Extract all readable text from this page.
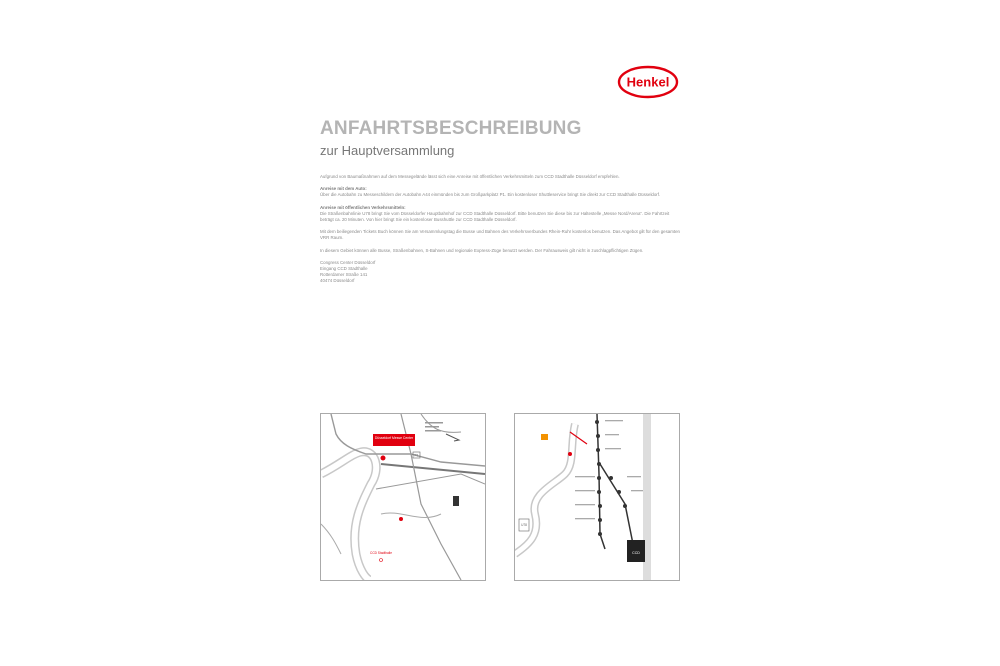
Henkel
ANFAHRTSBESCHREIBUNG
zur Hauptversammlung

Aufgrund von Baumaßnahmen auf dem Messegelände lässt sich eine Anreise mit öffentlichen Verkehrsmitteln zum CCD Stadthalle Düsseldorf empfehlen.

Anreise mit dem Auto:
Über die Autobahn zu Messeschildern der Autobahn A44 einmünden bis zum Großparkplatz P1. Ein kostenloser Shuttleservice bringt Sie direkt zur CCD Stadthalle Düsseldorf.

Anreise mit öffentlichen Verkehrsmitteln:
Die Straßenbahnlinie U78 bringt Sie vom Düsseldorfer Hauptbahnhof zur CCD Stadthalle Düsseldorf. Bitte benutzen Sie diese bis zur Haltestelle „Messe Nord/Arena“. Die Fahrtzeit beträgt ca. 20 Minuten. Von hier bringt Sie ein kostenloser Busshuttle zur CCD Stadthalle Düsseldorf.

Mit dem beiliegenden Tickets Buch können Sie am Versammlungstag die Busse und Bahnen des Verkehrsverbundes Rhein-Ruhr kostenlos benutzen. Das Angebot gilt für den gesamten VRR Raum.

In diesem Gebiet können alle Busse, Straßenbahnen, S-Bahnen und regionale Express-Züge benutzt werden. Der Fahrausweis gilt nicht in zuschlagpflichtigen Zügen.

Congress Center Düsseldorf
Eingang CCD Stadthalle
Rotterdamer Straße 141
40474 Düsseldorf

Düsseldorf Messe Center
P1
CCD Stadthalle	CCD
U78
